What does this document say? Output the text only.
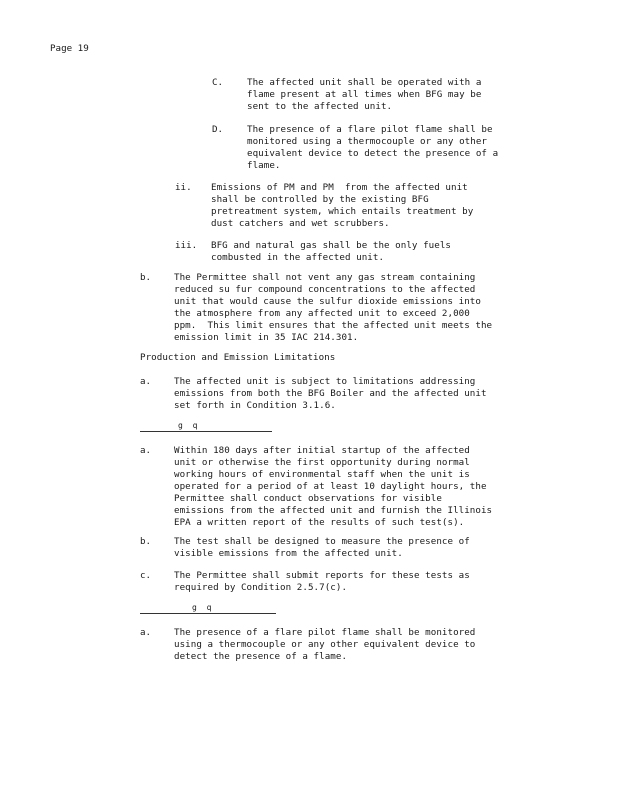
Page 19
C.	The affected unit shall be operated with a
flame present at all times when BFG may be
sent to the affected unit.
D.	The presence of a flare pilot flame shall be
monitored using a thermocouple or any other
equivalent device to detect the presence of a
flame.
ii. Emissions of PM and PM  from the affected unit
shall be controlled by the existing BFG
pretreatment system, which entails treatment by
dust catchers and wet scrubbers.
iii. BFG and natural gas shall be the only fuels
combusted in the affected unit.
b. The Permittee shall not vent any gas stream containing
reduced su fur compound concentrations to the affected
unit that would cause the sulfur dioxide emissions into
the atmosphere from any affected unit to exceed 2,000
ppm.  This limit ensures that the affected unit meets the
emission limit in 35 IAC 214.301.
Production and Emission Limitations
a. The affected unit is subject to limitations addressing
emissions from both the BFG Boiler and the affected unit
set forth in Condition 3.1.6.
g  q
a. Within 180 days after initial startup of the affected
unit or otherwise the first opportunity during normal
working hours of environmental staff when the unit is
operated for a period of at least 10 daylight hours, the
Permittee shall conduct observations for visible
emissions from the affected unit and furnish the Illinois
EPA a written report of the results of such test(s).
b. The test shall be designed to measure the presence of
visible emissions from the affected unit.
c. The Permittee shall submit reports for these tests as
required by Condition 2.5.7(c).
g  q
a. The presence of a flare pilot flame shall be monitored
using a thermocouple or any other equivalent device to
detect the presence of a flame.
